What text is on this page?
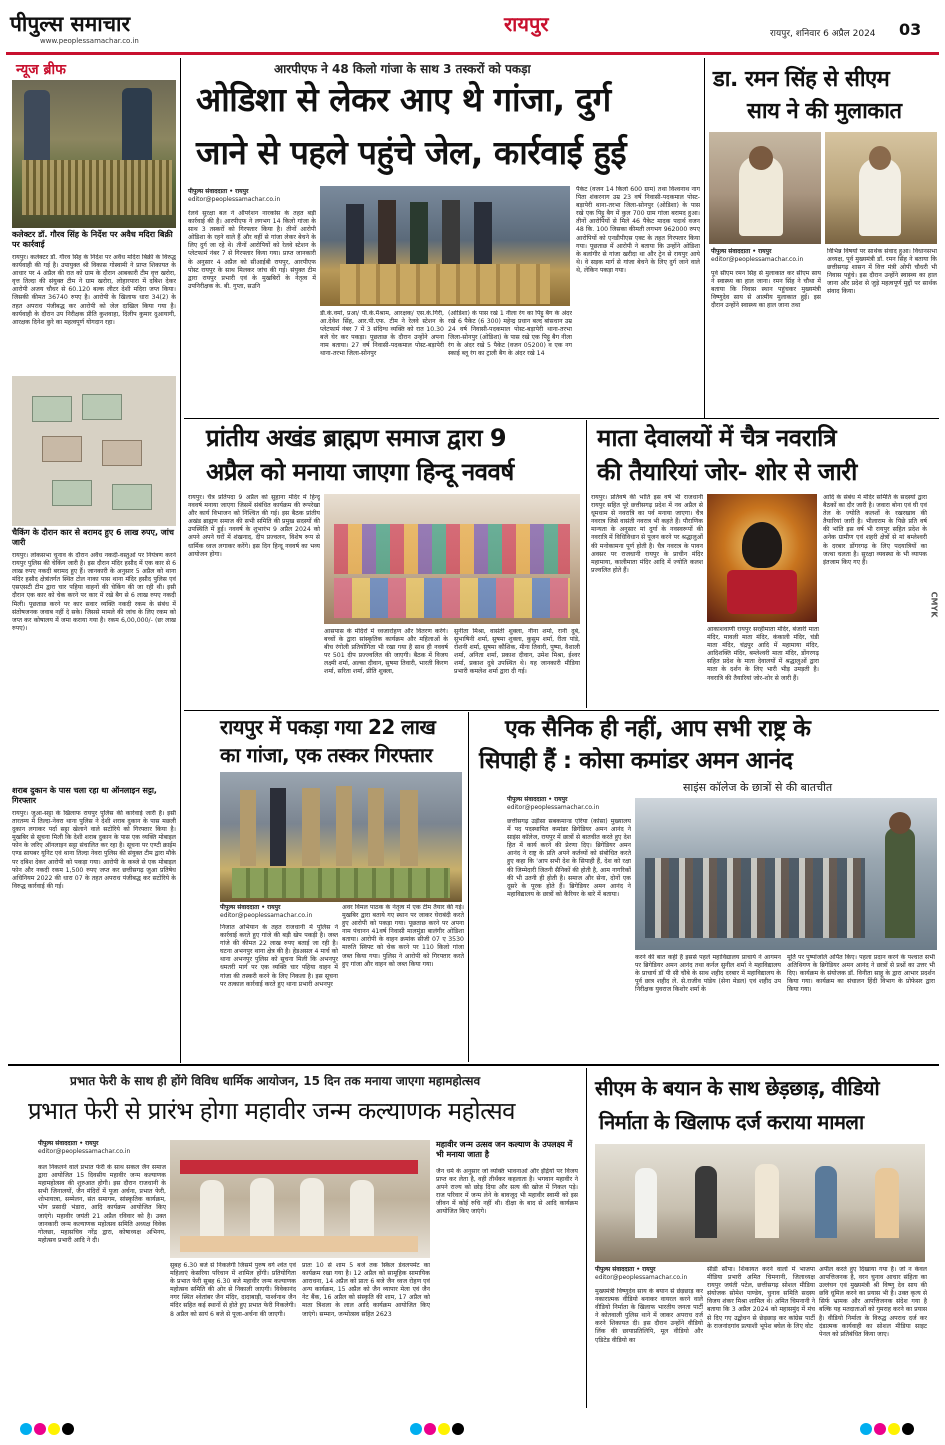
पीपुल्स समाचार
www.peoplessamachar.co.in
रायपुर	रायपुर, शनिवार 6 अप्रैल 2024 03
न्यूज ब्रीफ
कलेक्टर डॉ. गौरव सिंह के निर्देश पर अवैध मदिरा बिक्री पर कार्रवाई
रायपुर। कलेक्टर डॉ. गौरव सिंह के निर्देश पर अवैध मदिरा बिक्री के विरुद्ध कार्यवाही की गई है। उपायुक्त श्री विकास गोस्वामी ने प्राप्त शिकायत के आधार पर 4 अप्रैल की रात को ग्राम के दौरान आबकारी टीम वृत्त खरोरा, वृत्त तिल्दा की संयुक्त टीम ने ग्राम खरोरा, लोहारपारा में दबिश देकर आरोपी अजय चौधर से 60.120 बल्क लीटर देशी मदिरा जप्त किया। जिसकी कीमत 36740 रुपए है। आरोपी के खिलाफ धारा 34(2) के तहत अपराध पंजीबद्ध कर आरोपी को जेल दाखिल किया गया है। कार्यवाही के दौरान उप निरीक्षक प्रीति कुशवाहा, दिलीप कुमार दुआयागी, आरक्षक दिनेश कुरे का महत्वपूर्ण योगदान रहा।
चैकिंग के दौरान कार से बरामद हुए 6 लाख रुपए, जांच जारी
रायपुर। लोकसभा चुनाव के दौरान अवैध नकदी-वस्तुओं पर नियंत्रण करने रायपुर पुलिस की चेकिंग जारी है। इस दौरान मंदिर हसौद में एक कार से 6 लाख रुपए नकदी बरामद हुए हैं। जानकारी के अनुसार 5 अप्रैल को थाना मंदिर हसौद क्षेत्रांतर्गत स्थित टोल नाका पास थाना मंदिर हसौद पुलिस एवं एसएसटी टीम द्वारा चार पहिया वाहनों की चेकिंग की जा रही थी। इसी दौरान एक कार को चेक करने पर कार में रखे बैग से 6 लाख रुपए नकदी मिली। पूछताछ करने पर कार सवार व्यक्ति नकदी रकम के संबंध में संतोषजनक जवाब नहीं दे सके। जिससे मामले की जांच के लिए रकम को जप्त कर कोषालय में जमा कराया गया है। रकम 6,00,000/- (छः लाख रुपए)।
शराब दुकान के पास चला रहा था ऑनलाइन सट्टा, गिरफ्तार
रायपुर। जुआ-सट्टा के खिलाफ रायपुर पुलिस की कार्रवाई जारी है। इसी तारतम्य में तिल्दा-नेवरा थाना पुलिस ने देशी शराब दुकान के पास मछली दुकान लगाकर पर्दा सट्टा खेलाने वाले सटोरिये को गिरफ्तार किया है। मुखबिर से सूचना मिली कि देशी शराब दुकान के पास एक व्यक्ति मोबाइल फोन के जरिए ऑनलाइन सट्टा संचालित कर रहा है। सूचना पर एण्टी क्राईम एण्ड सायबर यूनिट एवं थाना तिल्दा नेवरा पुलिस की संयुक्त टीम द्वारा मौके पर दबिश देकर आरोपी को पकड़ा गया। आरोपी के कब्जे से एक मोबाइल फोन और नकदी रकम 1,500 रुपए जप्त कर छत्तीसगढ़ जुआ प्रतिषेध अधिनियम 2022 की धारा 07 के तहत अपराध पंजीबद्ध कर सटोरिये के विरुद्ध कार्रवाई की गई।
आरपीएफ ने 48 किलो गांजा के साथ 3 तस्करों को पकड़ा
ओडिशा से लेकर आए थे गांजा, दुर्ग
जाने से पहले पहुंचे जेल, कार्रवाई हुई
पीपुल्स संवाददाता • रायपुर
editor@peoplessamachar.co.in
रेलवे सुरक्षा बल ने ऑपरेशन नारकोस के तहत बड़ी कार्रवाई की है। आरपीएफ ने लगभग 14 किलो गांजा के साथ 3 तस्करों को गिरफ्तार किया है। तीनों आरोपी ओडिशा के रहने वाले हैं और वहीं से गांजा लेकर बेचने के लिए दुर्ग जा रहे थे। तीनों आरोपियों को रेलवे स्टेशन के प्लेटफार्म नंबर 7 से गिरफ्तार किया गया। प्राप्त जानकारी के अनुसार 4 अप्रैल को सीआईबी रायपुर, आरपीएफ पोस्ट रायपुर के साथ मिलकर जांच की गई। संयुक्त टीम द्वारा रायपुर प्रभारी एवं के मुखबिरों के नेतृत्व में उपनिरीक्षक के. बी. गुप्ता, सउनि
डी.के.वर्मा, प्रआ/ पी.के.मैश्राम, आरक्षक/ एस.के.गिरी, आ.देवेश सिंह, आर.पी.एफ. टीम ने रेलवे स्टेशन के प्लेटफार्म नंबर 7 में 3 संदिग्ध व्यक्ति को रात 10.30 बजे घेर कर पकड़ा। पूछताछ के दौरान उन्होंने अपना नाम बताया। 27 वर्ष निवासी-पदकमाल पोस्ट-बड़ापेरी थाना-तरभा जिला-सोनपुर
(ओडिशा) के पास रखे 1 नीला रंग का पिट्टू बैग के अंदर रखे 6 पैकेट (6 300) महेन्द्र प्रधान बल्द बांसधान उम्र 24 वर्ष निवासी-पदकमाल पोस्ट-बड़ापेरी थाना-तरभा जिला-सोनपुर (ओडिशा) के पास रखे एक पिट्टू बैग नीला रंग के अंदर रखे 5 पैकेट (वजन 05200) व एक नग स्काई ब्लू रंग का ट्राली बैग के अंदर रखे 14
पैकेट (वजन 14 किलो 600 ग्राम) तथा विश्वनाथ नाग पिता शंकरनाग उम्र 23 वर्ष निवासी-पदकमाल पोस्ट-बड़ापेरी थाना-तरभा जिला-सोनपुर (ओडिशा) के पास रखे एक पिट्टू बैग में कुल 700 ग्राम गांजा बरामद हुआ। तीनों आरोपियों से मिले 46 पैकेट मादक पदार्थ वजन 48 कि. 100 जिसका कीमती लगभग 962000 रुपए आरोपियों को एनडीपीएस एक्ट के तहत गिरफ्तार किया गया। पूछताछ में आरोपी ने बताया कि उन्होंने ओडिशा के बलांगीर से गांजा खरीदा था और ट्रेन से रायपुर आये थे। वे सड़क मार्ग से गांजा बेचने के लिए दुर्ग जाने वाले थे, लेकिन पकड़ा गया।
डा. रमन सिंह से सीएम
साय ने की मुलाकात
पीपुल्स संवाददाता • रायपुर
editor@peoplessamachar.co.in
पूर्व सीएम रमन सिंह से मुलाकात कर सीएम साय ने स्वास्थ्य का हाल जाना। रमन सिंह ने चौथा में बताया कि निवास स्थान पहुंचकर मुख्यमंत्री विष्णुदेव साय से आत्मीय मुलाकात हुई। इस दौरान उन्होंने स्वास्थ्य का हाल जाना तथा
विभिन्न विषयों पर सार्थक संवाद हुआ। विधानसभा अध्यक्ष, पूर्व मुख्यमंत्री डॉ. रमन सिंह ने बताया कि छत्तीसगढ़ शासन में वित्त मंत्री ओपी चौधरी भी निवास पहुंचे। इस दौरान उन्होंने स्वास्थ्य का हाल जाना और प्रदेश से जुड़े महत्वपूर्ण मुद्दों पर सार्थक संवाद किया।
प्रांतीय अखंड ब्राह्मण समाज द्वारा 9
अप्रैल को मनाया जाएगा हिन्दू नववर्ष
रायपुर। चैत्र प्रतिपदा 9 अप्रैल को सुहाना मंदिर में हिन्दू नववर्ष मनाया जाएगा जिसमें संबंधित कार्यक्रम की रूपरेखा और कार्य विभाजन को निश्चित की गई। इस बैठक प्रांतीय अखंड ब्राह्मण समाज की सभी समिति की प्रमुख सदस्यों की उपस्थिति में हुई। नववर्ष के शुभारंभ 9 अप्रैल 2024 को अपने अपने घरों में शंखनाद, दीप प्रज्वलन, विशेष रूप से धार्मिक ध्वज लगाकर करेंगे। इस दिन हिन्दू नववर्ष का भव्य आयोजन होगा।
आसपास के मंदिरों में ध्वजारोहण और वितरण करेंगे। बच्चों के द्वारा सांस्कृतिक कार्यक्रम और महिलाओं के बीच रंगोली प्रतियोगिता भी रखा गया है साथ ही नववर्ष पर 501 दीप प्रज्ज्वलित की जाएगी। बैठक में विजय लक्ष्मी शर्मा, अल्का दीवान, सुषमा तिवारी, भारती किरण शर्मा, सरिता शर्मा, प्रीति शुक्ला,
सुनीता मिश्रा, वासंती शुक्ला, नीना शर्मा, रानी दुबे, सुभाषिनी शर्मा, सुषमा शुक्ला, कुसुम शर्मा, रीता पांडे, रोशनी शर्मा, सुषमा कौशिक, मीना तिवारी, पुष्पा, वैशाली शर्मा, अनिता शर्मा, प्रकाश दीवान, उमेश मिश्रा, ईश्वर शर्मा, प्रकाश दुबे उपस्थित थे। यह जानकारी मीडिया प्रभारी कमलेश शर्मा द्वारा दी गई।
माता देवालयों में चैत्र नवरात्रि
की तैयारियां जोर- शोर से जारी
रायपुर। प्रतिवर्ष की भांति इस वर्ष भी राजधानी रायपुर सहित पूरे छत्तीसगढ़ प्रदेश में नव अप्रैल से धूमधाम से नवरात्रि का पर्व मनाया जाएगा। चैत्र नवरात्र जिसे वासंती नवरात्र भी कहते हैं। पौराणिक मान्यता के अनुसार मां दुर्गा के नवस्वरूपों की नवरात्रि में विधिविधान से पूजन करने पर श्रद्धालुओं की मनोकामना पूर्ण होती है। चैत्र नवरात्र के पावन अवसर पर राजधानी रायपुर के प्राचीन मंदिर महामाया, कालीमाता मंदिर आदि में ज्योति कलश प्रज्वलित होते हैं।
आकाशवाणी रायपुर सरहीमाता मंदिर, बंजारी माता मंदिर, मावली माता मंदिर, कंकाली मंदिर, चंडी माता मंदिर, चंद्रपुर आदि में महामाया मंदिर, आदिशक्ति मंदिर, बम्लेश्वरी माता मंदिर, डोंगरगढ़ सहित प्रदेश के माता देवालयों में श्रद्धालुओं द्वारा माता के दर्शन के लिए भारी भीड़ उमड़ती है। नवरात्रि की तैयारियां जोर-शोर से जारी हैं।
आदि के संबंध में मंदिर समिति के सदस्यों द्वारा बैठकों का दौर जारी है। जवारा बोना एवं घी एवं तेल के ज्योति कलशों के रखरखाव की तैयारियां जारी है। भीलाराम के पिछे प्रति वर्ष की भांति इस वर्ष भी रायपुर सहित प्रदेश के अनेक ग्रामीण एवं शहरी क्षेत्रों से मां बम्लेश्वरी के दरबार डोंगरगढ़ के लिए पदयात्रियों का जत्था चलता है। सुरक्षा व्यवस्था के भी व्यापक इंतजाम किए गए हैं।
CMYK
रायपुर में पकड़ा गया 22 लाख
का गांजा, एक तस्कर गिरफ्तार
पीपुल्स संवाददाता • रायपुर
editor@peoplessamachar.co.in
निजात अभियान के तहत राजधानी में पुलिस ने कार्रवाई करते हुए गांजे की बड़ी खेप पकड़ी है। जब्त गांजे की कीमत 22 लाख रुपए बताई जा रही है। घटना अभनपुर थाना क्षेत्र की है। हेडअसल 4 मार्च को थाना अभनपुर पुलिस को सूचना मिली कि अभनपुर धमतरी मार्ग पर एक व्यक्ति चार पहिया वाहन में गांजा की तस्करी करने के लिए निकला है। इस सूचना पर तत्काल कार्रवाई करते हुए थाना प्रभारी अभनपुर
अवर विमल पाठक के नेतृत्व में एक टीम तैयार की गई। मुखबिर द्वारा बताये गए स्थान पर जाकर घेराबंदी करते हुए आरोपी को पकड़ा गया। पूछताछ करने पर अपना नाम पंचानन 41वर्ष निवासी मालमुंडा बालंगीर ओडिशा बताया। आरोपी के वाहन क्रमांक सीजी 07 ए 3530 मारुति स्विफ्ट को चेक करने पर 110 किलो गांजा जब्त किया गया। पुलिस ने आरोपी को गिरफ्तार करते हुए गांजा और वाहन को जब्त किया गया।
एक सैनिक ही नहीं, आप सभी राष्ट्र के
सिपाही हैं : कोसा कमांडर अमन आनंद
साइंस कॉलेज के छात्रों से की बातचीत
पीपुल्स संवाददाता • रायपुर
editor@peoplessamachar.co.in
छत्तीसगढ़ उड़ीसा सबकमान्ड एरिया (कोसा) मुख्यालय में पद पदस्थापित कमांडर ब्रिगेडियर अमन आनंद ने साइंस कॉलेज, रायपुर में छात्रों से बातचीत करते हुए देश हित में कार्य करने की प्रेरणा दिए। ब्रिगेडियर अमन आनंद ने राष्ट्र के प्रति अपने कर्तव्यों को संबोधित करते हुए कहा कि 'आप सभी देश के सिपाही हैं, देश को रक्षा की जिम्मेदारी जितनी सैनिकों की होती है, आम नागरिकों की भी उतनी ही होती है। समाज और सेना, दोनों एक दूसरे के पूरक होते हैं। ब्रिगेडियर अमन आनंद ने महाविद्यालय के छात्रों को कैरियर के बारे में बताया।
करने की बात कही है इससे पहले महाविद्यालय प्राचार्य ने आगमन पर ब्रिगेडियर अमन आनंद तथा कर्नल सुनील शर्मा ने महाविद्यालय के प्राचार्य डॉ पी सी चौबे के साथ शहीद दरबार में महाविद्यालय के पूर्व छात्र शहीद ले. से.राजीव पांडेय (सेना मेडल) एवं शहीद उप निरीक्षक युवराज किशोर शर्मा के
मूर्ति पर पुष्पांजलि अर्पित किए। पहला प्रदान करने के पश्चात सभी अतिथिगण के ब्रिगेडियर अमन आनंद ने छात्रों से प्रश्नों का उत्तर भी दिए। कार्यक्रम के संयोजक डॉ. विनीता साहू के द्वारा आभार प्रदर्शन किया गया। कार्यक्रम का संचालन हिंदी विभाग के प्रोफेसर द्वारा किया गया।
प्रभात फेरी के साथ ही होंगे विविध धार्मिक आयोजन, 15 दिन तक मनाया जाएगा महामहोत्सव
प्रभात फेरी से प्रारंभ होगा महावीर जन्म कल्याणक महोत्सव
पीपुल्स संवाददाता • रायपुर
editor@peoplessamachar.co.in
कल निकलने वाले प्रभात फेरी के साथ सकल जैन समाज द्वारा आयोजित 15 दिवसीय महावीर जन्म कल्याणक महामहोत्सव की शुरुआत होगी। इस दौरान राजधानी के सभी जिनालयों, जैन मंदिरों में पूजा अर्चना, प्रभात फेरी, शोभायात्रा, सम्मेलन, संत समागम, सांस्कृतिक कार्यक्रम, भोग प्रसादी भंडारा, आदि कार्यक्रम आयोजित किए जाएंगे। महावीर जयंती 21 अप्रैल रविवार को है। उक्त जानकारी जन्म कल्याणक महोत्सव समिति अध्यक्ष विवेक गोलछा, महासचिव नरेंद्र द्वारा, कोषाध्यक्ष अभिनय, महोत्सव प्रभारी आदि ने दी।
सुबह 6.30 बजे से निकलेगी जिसमें पुरुष वर्ग श्वेत एवं महिलाएं केसरिया परिधान में शामिल होंगी। प्रतियोगिता के प्रभात फेरी सुबह 6.30 बजे महावीर जन्म कल्याणक महोत्सव समिति की ओर से निकाली जाएगी। विवेकानंद नगर स्थित श्वेतांबर जैन मंदिर, दादाबाड़ी, पार्श्वनाथ जैन मंदिर सहित कई स्थानों से होते हुए प्रभात फेरी निकलेगी। 8 अप्रैल को सायं 6 बजे से पूजा-अर्चना की जाएगी।
प्रातः 10 से शाम 5 बजे तक स्किल डेवलपमेंट का कार्यक्रम रखा गया है। 12 अप्रैल को सामूहिक सामायिक आराधना, 14 अप्रैल को प्रातः 6 बजे जैन ध्वज रोहण एवं अन्य कार्यक्रम, 15 अप्रैल को जैन व्यापार मेला एवं जैन नेट बैंक, 16 अप्रैल को संस्कृति की शाम, 17 अप्रैल को माता त्रिशला के लाल आदि कार्यक्रम आयोजित किए जाएंगे। सम्मान, जन्मोत्सव सहित 2623
महावीर जन्म उत्सव जन कल्याण के उपलक्ष्य में भी मनाया जाता है
जैन धर्म के अनुसार जो व्यक्ति भावनाओं और इंद्रियों पर विजय प्राप्त कर लेता है, वही तीर्थंकर कहलाता है। भगवान महावीर ने अपने राज्य को छोड़ दिया और सत्य की खोज में निकल पड़े। राज परिवार में जन्म लेने के बावजूद भी महावीर स्वामी को इस जीवन में कोई रुचि नहीं थी। दीक्षा के बाद से आदि कार्यक्रम आयोजित किए जाएंगे।
सीएम के बयान के साथ छेड़छाड़, वीडियो
निर्माता के खिलाफ दर्ज कराया मामला
पीपुल्स संवाददाता • रायपुर
editor@peoplessamachar.co.in
मुख्यमंत्री विष्णुदेव साय के बयान से छेड़छाड़ कर नकारात्मक वीडियो बनाकर वायरल करने वाले वीडियो निर्माता के खिलाफ भारतीय जनता पार्टी ने कोतवाली पुलिस थाने में जाकर अपराध दर्ज करने शिकायत दी। इस दौरान उन्होंने वीडियो लिंक की छायाप्रतिलिपि, मूल वीडियो और एडिटेड वीडियो का
सीडी सौंपा। शिकायत करने वालों में भाजपा मीडिया प्रभारी अमित चिमनानी, जिलाध्यक्ष रायपुर जयंती पटेल, छत्तीसगढ़ सोशल मीडिया संयोजक सोमेश पाण्डेय, चुनाव समिति सदस्य विजय शंकर मिश्रा शामिल थे। अमित चिमनानी ने बताया कि 3 अप्रैल 2024 को महासमुंद में मंच से दिए गए उद्बोधन से छेड़छाड़ कर कांग्रेस पार्टी के राजनांदगांव प्रत्याशी भूपेश बघेल के लिए वोट
अपील करते हुए दिखाया गया है। जो न केवल आपत्तिजनक है, वरन चुनाव आचार संहिता का उल्लंघन एवं मुख्यमंत्री श्री विष्णु देव साय की छवि धूमिल करने का प्रयास भी है। उक्त कृत्य से सिर्फ भ्रामक और आपत्तिजनक संदेश गया है बल्कि यह मतदाताओं को गुमराह करने का प्रयास है। वीडियो निर्माता के विरुद्ध अपराध दर्ज कर दंडात्मक कार्यवाही का सोशल मीडिया साइट पेनल को प्रतिबंधित किया जाए।
